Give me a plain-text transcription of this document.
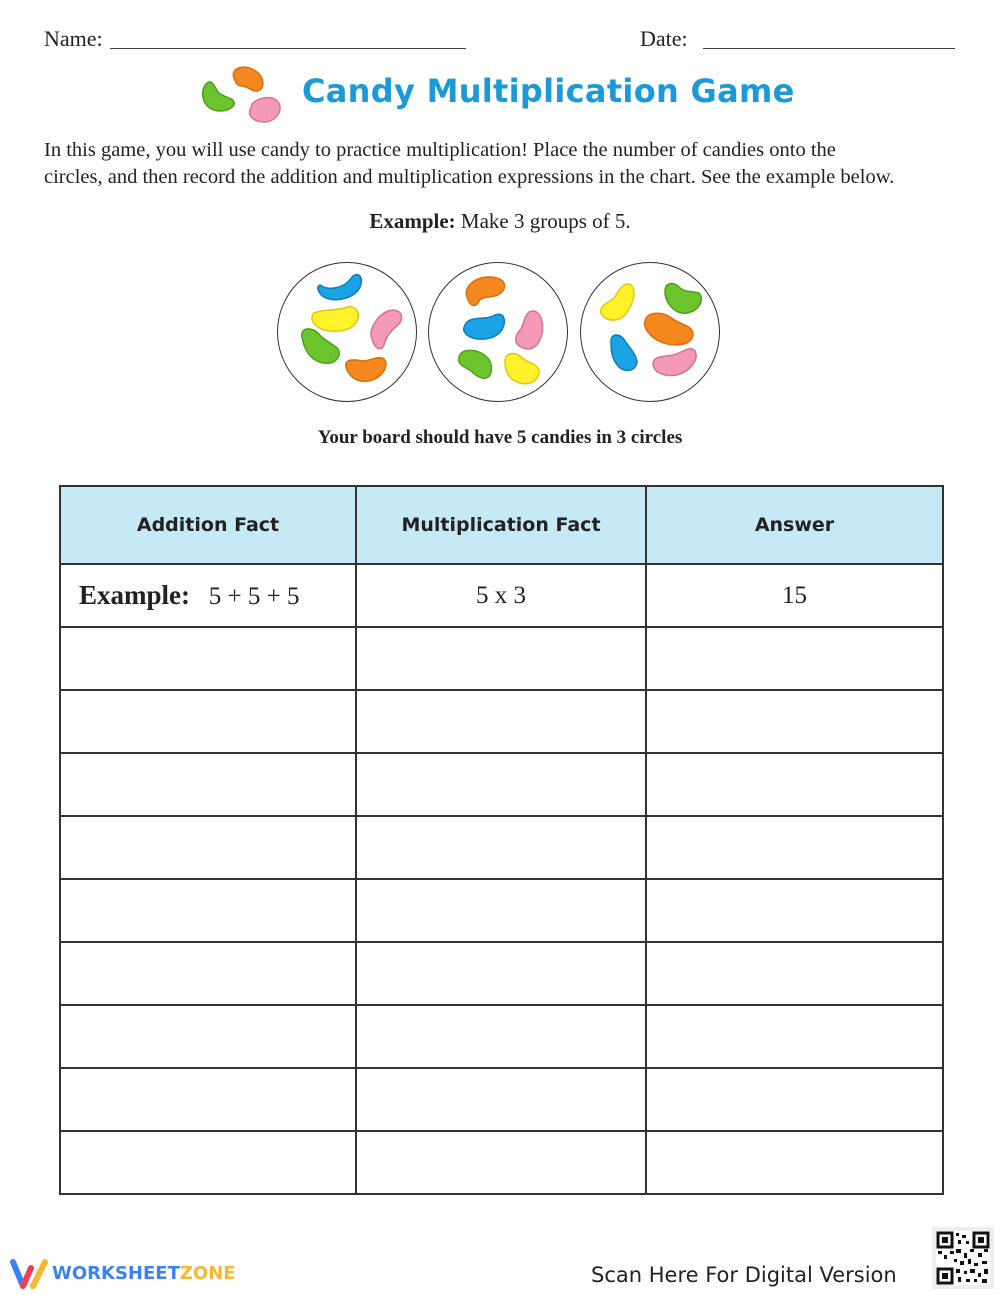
Name:	Date:
Candy Multiplication Game
In this game, you will use candy to practice multiplication! Place the number of candies onto the
circles, and then record the addition and multiplication expressions in the chart. See the example below.
Example: Make 3 groups of 5.
Your board should have 5 candies in 3 circles
Addition Fact	Multiplication Fact	Answer
Example: 5 + 5 + 5	5 x 3	15

WORKSHEETZONE	Scan Here For Digital Version
